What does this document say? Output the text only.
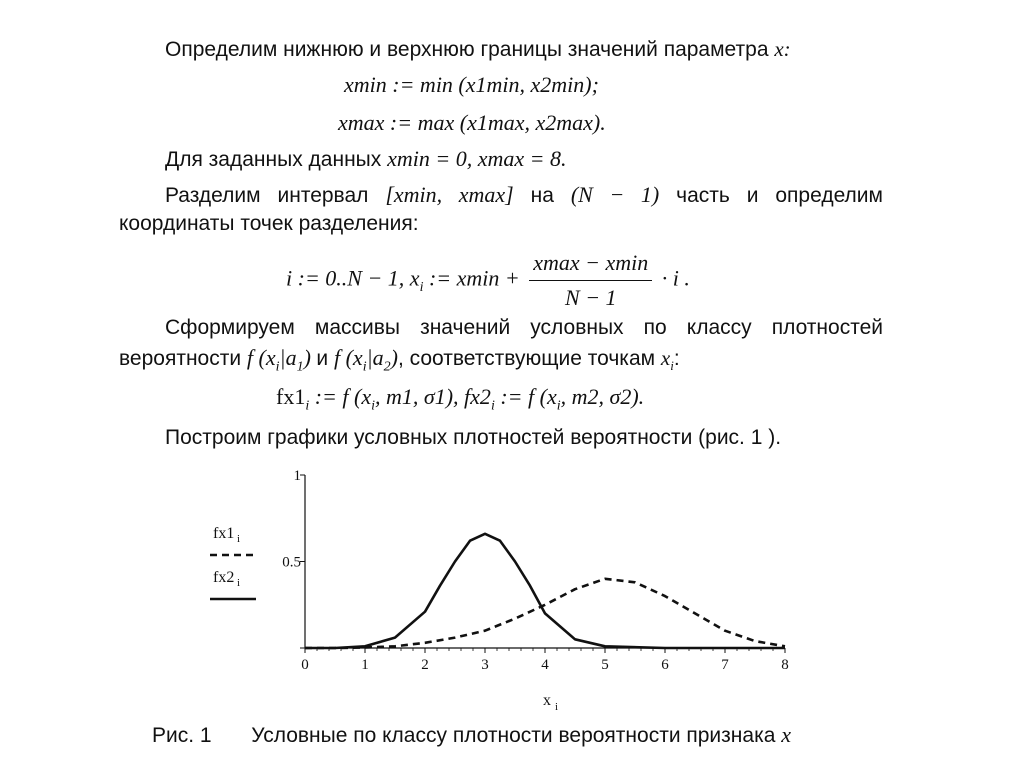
Определим нижнюю и верхнюю границы значений параметра x:
xmin := min (x1min, x2min);
xmax := max (x1max, x2max).
Для заданных данных xmin = 0, xmax = 8.
Разделим интервал [xmin, xmax] на (N − 1) часть и определим
координаты точек разделения:
i := 0..N − 1, $x_i$ := $xmin + \frac{xmax - xmin}{N - 1} \cdot i$ .
Сформируем массивы значений условных по классу плотностей
вероятности f $(x_i|a_1)$ и f $(x_i|a_2)$, соответствующие точкам $x_i$:
$fx1_i$ := f ($x_i$, m1, σ1), $fx2_i$ := f ($x_i$, m2, σ2).
Построим графики условных плотностей вероятности (рис. 1 ).
fx1 i
fx2 i
0	1	2	3	4	5	6	7	8
0.5
1
x i
Рис. 1 Условные по классу плотности вероятности признака x
